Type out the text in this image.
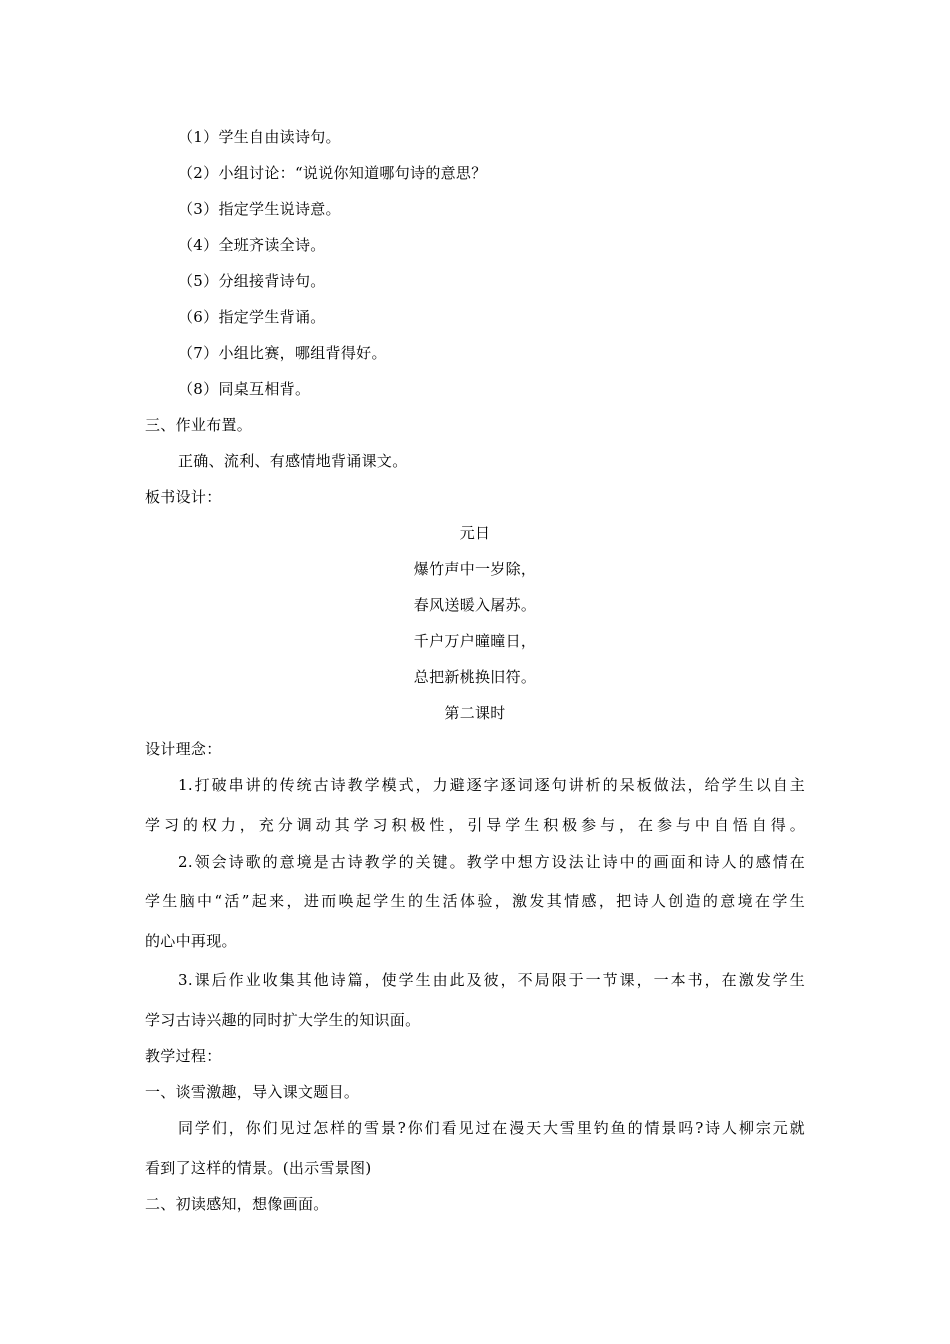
（1）学生自由读诗句。
（2）小组讨论：“说说你知道哪句诗的意思？
（3）指定学生说诗意。
（4）全班齐读全诗。
（5）分组接背诗句。
（6）指定学生背诵。
（7）小组比赛，哪组背得好。
（8）同桌互相背。
三、作业布置。
正确、流利、有感情地背诵课文。
板书设计：
元日
爆竹声中一岁除，
春风送暖入屠苏。
千户万户曈曈日，
总把新桃换旧符。
第二课时
设计理念：
1.打破串讲的传统古诗教学模式，力避逐字逐词逐句讲析的呆板做法，给学生以自主
学习的权力，充分调动其学习积极性，引导学生积极参与，在参与中自悟自得。
2.领会诗歌的意境是古诗教学的关键。教学中想方设法让诗中的画面和诗人的感情在
学生脑中“活”起来，进而唤起学生的生活体验，激发其情感，把诗人创造的意境在学生
的心中再现。
3.课后作业收集其他诗篇，使学生由此及彼，不局限于一节课，一本书，在激发学生
学习古诗兴趣的同时扩大学生的知识面。
教学过程：
一、谈雪激趣，导入课文题目。
同学们，你们见过怎样的雪景?你们看见过在漫天大雪里钓鱼的情景吗?诗人柳宗元就
看到了这样的情景。(出示雪景图)
二、初读感知，想像画面。
